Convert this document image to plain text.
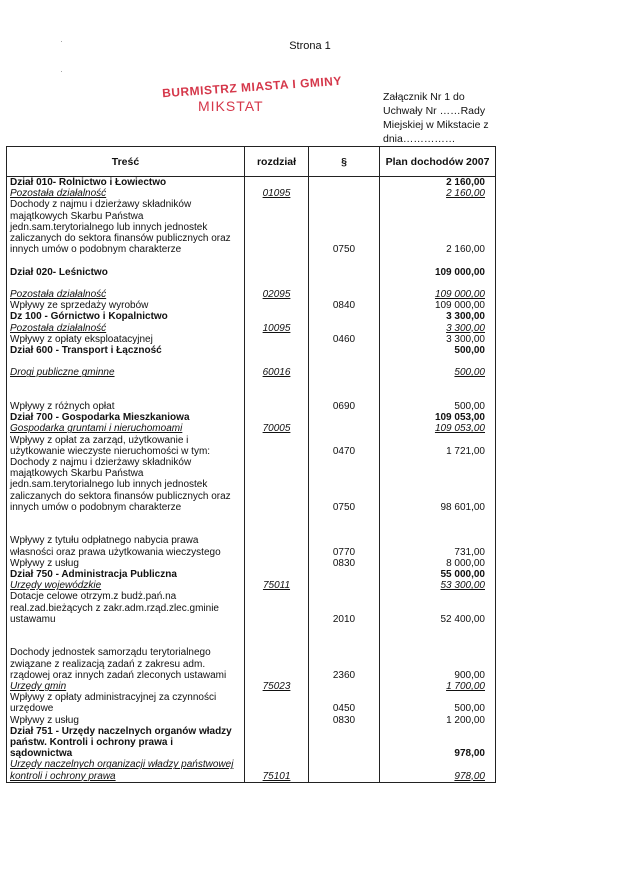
Strona 1
·
·
BURMISTRZ MIASTA I GMINY
MIKSTAT
Załącznik Nr 1 do
Uchwały Nr ……Rady
Miejskiej w Mikstacie z
dnia……………
Treść	rozdział	§	Plan dochodów 2007
Dział 010- Rolnictwo i Łowiectwo			2 160,00
Pozostała działalność	01095		2 160,00
Dochody z najmu i dzierżawy składników			
majątkowych Skarbu Państwa			
jedn.sam.terytorialnego lub innych jednostek			
zaliczanych do sektora finansów publicznych oraz			
innych umów o podobnym charakterze		0750	2 160,00

Dział 020- Leśnictwo			109 000,00

Pozostała działalność	02095		109 000,00
Wpływy ze sprzedaży wyrobów		0840	109 000,00
Dz 100 - Górnictwo i Kopalnictwo			3 300,00
Pozostała działalność	10095		3 300,00
Wpływy z opłaty eksploatacyjnej		0460	3 300,00
Dział 600 - Transport i Łączność			500,00

Drogi publiczne gminne	60016		500,00

Wpływy z różnych opłat		0690	500,00
Dział 700 - Gospodarka Mieszkaniowa			109 053,00
Gospodarka gruntami i nieruchomoami	70005		109 053,00
Wpływy z opłat za zarząd, użytkowanie i			
użytkowanie wieczyste nieruchomości w tym:		0470	1 721,00
Dochody z najmu i dzierżawy składników			
majątkowych Skarbu Państwa			
jedn.sam.terytorialnego lub innych jednostek			
zaliczanych do sektora finansów publicznych oraz			
innych umów o podobnym charakterze		0750	98 601,00

Wpływy z tytułu odpłatnego nabycia prawa			
własności oraz prawa użytkowania wieczystego		0770	731,00
Wpływy z usług		0830	8 000,00
Dział 750 - Administracja Publiczna			55 000,00
Urzędy wojewódzkie	75011		53 300,00
Dotacje celowe otrzym.z budż.pań.na			
real.zad.bieżących z zakr.adm.rząd.zlec.gminie			
ustawamu		2010	52 400,00

Dochody jednostek samorządu terytorialnego			
związane z realizacją zadań z zakresu adm.			
rządowej oraz innych zadań zleconych ustawami		2360	900,00
Urzędy gmin	75023		1 700,00
Wpływy z opłaty administracyjnej za czynności			
urzędowe		0450	500,00
Wpływy z usług		0830	1 200,00
Dział 751 - Urzędy naczelnych organów władzy			
państw. Kontroli i ochrony prawa i			
sądownictwa			978,00
Urzędy naczelnych organizacji władzy państwowej			
kontroli i ochrony prawa	75101		978,00
